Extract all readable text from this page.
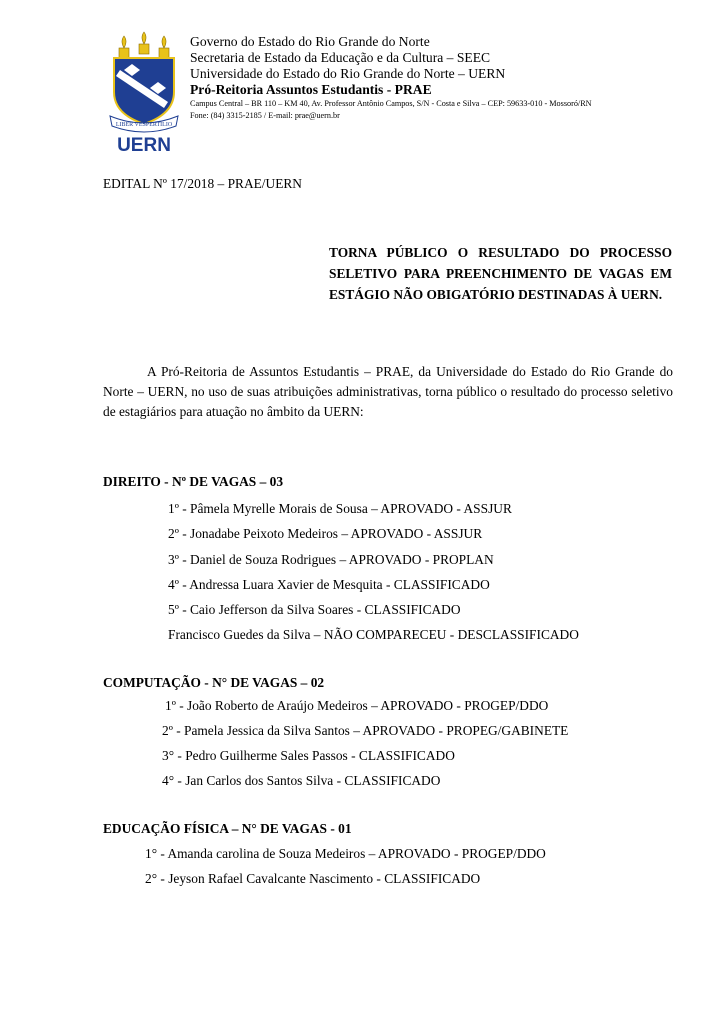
LIBER VESPERTILIO
UERN
Governo do Estado do Rio Grande do Norte
Secretaria de Estado da Educação e da Cultura – SEEC
Universidade do Estado do Rio Grande do Norte – UERN
Pró-Reitoria Assuntos Estudantis - PRAE
Campus Central – BR 110 – KM 40, Av. Professor Antônio Campos, S/N - Costa e Silva – CEP: 59633-010 - Mossoró/RN
Fone: (84) 3315-2185 / E-mail: prae@uern.br
EDITAL Nº 17/2018 – PRAE/UERN
TORNA PÚBLICO O RESULTADO DO PROCESSO SELETIVO PARA PREENCHIMENTO DE VAGAS EM ESTÁGIO NÃO OBIGATÓRIO DESTINADAS À UERN.
A Pró-Reitoria de Assuntos Estudantis – PRAE, da Universidade do Estado do Rio Grande do Norte – UERN, no uso de suas atribuições administrativas, torna público o resultado do processo seletivo de estagiários para atuação no âmbito da UERN:
DIREITO - Nº DE VAGAS – 03
1º - Pâmela Myrelle Morais de Sousa – APROVADO - ASSJUR
2º - Jonadabe Peixoto Medeiros – APROVADO - ASSJUR
3º - Daniel de Souza Rodrigues – APROVADO - PROPLAN
4º - Andressa Luara Xavier de Mesquita - CLASSIFICADO
5º - Caio Jefferson da Silva Soares - CLASSIFICADO
Francisco Guedes da Silva – NÃO COMPARECEU - DESCLASSIFICADO
COMPUTAÇÃO - N° DE VAGAS – 02
1º - João Roberto de Araújo Medeiros – APROVADO - PROGEP/DDO
2º - Pamela Jessica da Silva Santos – APROVADO - PROPEG/GABINETE
3° - Pedro Guilherme Sales Passos - CLASSIFICADO
4° - Jan Carlos dos Santos Silva - CLASSIFICADO
EDUCAÇÃO FÍSICA – N° DE VAGAS - 01
1° - Amanda carolina de Souza Medeiros – APROVADO - PROGEP/DDO
2° - Jeyson Rafael Cavalcante Nascimento - CLASSIFICADO
